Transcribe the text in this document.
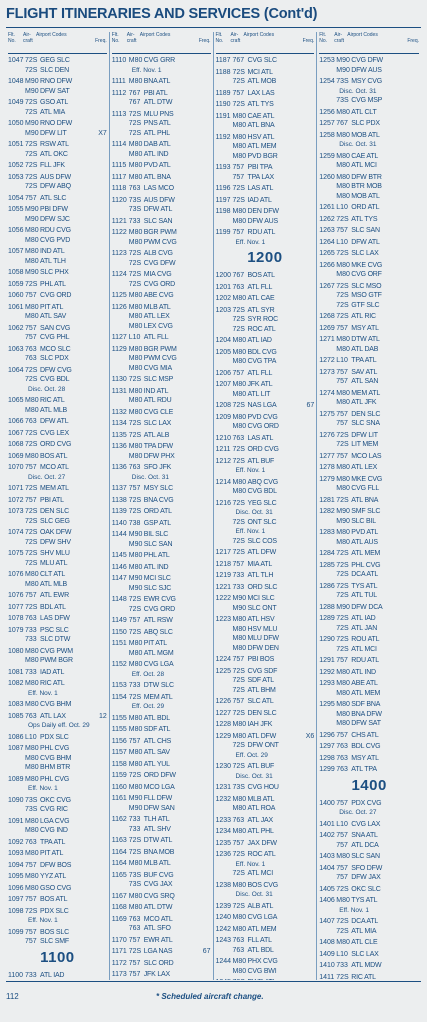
FLIGHT ITINERARIES AND SERVICES (Cont'd)
Flt. No.
Air-craft
Airport Codes
Freq.
1047 72S GEG SLC
72S SLC DEN
1048 M90 RNO DFW
M90 DFW SAT
1049 72S GSO ATL
72S ATL MIA
1050 M90 RNO DFW
M90 DFW LIT	X7
1051 72S RSW ATL
72S ATL OKC
1052 72S FLL JFK
1053 72S AUS DFW
72S DFW ABQ
1054 757 ATL SLC
1055 M90 PBI DFW
M90 DFW SJC
1056 M80 RDU CVG
M80 CVG PVD
1057 M80 IND ATL
M80 ATL TLH
1058 M90 SLC PHX
1059 72S PHL ATL
1060 757 CVG ORD
1061 M80 PIT ATL
M80 ATL SAV
1062 757 SAN CVG
757 CVG PHL
1063 763 MCO SLC
763 SLC PDX
1064 72S DFW CVG
72S CVG BDL
Disc. Oct. 28
1065 M80 RIC ATL
M80 ATL MLB
1066 763 DFW ATL
1067 72S CVG LEX
1068 72S ORD CVG
1069 M80 BOS ATL
1070 757 MCO ATL
Disc. Oct. 27
1071 72S MEM ATL
1072 757 PBI ATL
1073 72S DEN SLC
72S SLC GEG
1074 72S OAK DFW
72S DFW SHV
1075 72S SHV MLU
72S MLU ATL
1076 M80 CLT ATL
M80 ATL MLB
1076 757 ATL EWR
1077 72S BDL ATL
1078 763 LAS DFW
1079 733 PSC SLC
733 SLC DTW
1080 M80 CVG PWM
M80 PWM BGR
1081 733 IAD ATL
1082 M80 RIC ATL
Eff. Nov. 1
1083 M80 CVG BHM
1085 763 ATL LAX	12
Ops Daily eff. Oct. 29
1086 L10 PDX SLC
1087 M80 PHL CVG
M80 CVG BHM
M80 BHM BTR
1089 M80 PHL CVG
Eff. Nov. 1
1090 73S OKC CVG
73S CVG RIC
1091 M80 LGA CVG
M80 CVG IND
1092 763 TPA ATL
1093 M80 PIT ATL
1094 757 DFW BOS
1095 M80 YYZ ATL
1096 M80 GSO CVG
1097 757 BOS ATL
1098 72S PDX SLC
Eff. Nov. 1
1099 757 BOS SLC
757 SLC SMF
1100
1100 733 ATL IAD
Flt. No.
Air-craft
Airport Codes
Freq.
1110 M80 CVG GRR
Eff. Nov. 1
1111 M80 BNA ATL
1112 767 PBI ATL
767 ATL DTW
1113 72S MLU PNS
72S PNS ATL
72S ATL PHL
1114 M80 DAB ATL
M80 ATL IND
1115 M80 PVD ATL
1117 M80 ATL BNA
1118 763 LAS MCO
1120 73S AUS DFW
73S DFW ATL
1121 733 SLC SAN
1122 M80 BGR PWM
M80 PWM CVG
1123 72S ALB CVG
72S CVG DFW
1124 72S MIA CVG
72S CVG ORD
1125 M80 ABE CVG
1126 M80 MLB ATL
M80 ATL LEX
M80 LEX CVG
1127 L10 ATL FLL
1129 M80 BGR PWM
M80 PWM CVG
M80 CVG MIA
1130 72S SLC MSP
1131 M80 IND ATL
M80 ATL RDU
1132 M80 CVG CLE
1134 72S SLC LAX
1135 72S ATL ALB
1136 M80 TPA DFW
M80 DFW PHX
1136 763 SFO JFK
Disc. Oct. 31
1137 757 MSY SLC
1138 72S BNA CVG
1139 72S ORD ATL
1140 738 GSP ATL
1144 M90 BIL SLC
M90 SLC SAN
1145 M80 PHL ATL
1146 M80 ATL IND
1147 M90 MCI SLC
M90 SLC SJC
1148 72S EWR CVG
72S CVG ORD
1149 757 ATL RSW
1150 72S ABQ SLC
1151 M80 PIT ATL
M80 ATL MGM
1152 M80 CVG LGA
Eff. Oct. 28
1153 733 DTW SLC
1154 72S MEM ATL
Eff. Oct. 29
1155 M80 ATL BDL
1155 M80 SDF ATL
1156 757 ATL CHS
1157 M80 ATL SAV
1158 M80 ATL YUL
1159 72S ORD DFW
1160 M80 MCO LGA
1161 M90 FLL DFW
M90 DFW SAN
1162 733 TLH ATL
733 ATL SHV
1163 72S DTW ATL
1164 72S BNA MOB
1164 M80 MLB ATL
1165 73S BUF CVG
73S CVG JAX
1167 M80 CVG SRQ
1168 M80 ATL DTW
1169 763 MCO ATL
763 ATL SFO
1170 757 EWR ATL
1171 72S LGA NAS	67
1172 757 SLC ORD
1173 757 JFK LAX
Flt. No.
Air-craft
Airport Codes
Freq.
1187 767 CVG SLC
1188 72S MCI ATL
72S ATL MOB
1189 757 LAX LAS
1190 72S ATL TYS
1191 M80 CAE ATL
M80 ATL BNA
1192 M80 HSV ATL
M80 ATL MEM
M80 PVD BGR
1193 757 PBI TPA
757 TPA LAX
1196 72S LAS ATL
1197 72S IAD ATL
1198 M80 DEN DFW
M80 DFW AUS
1199 757 RDU ATL
Eff. Nov. 1
1200
1200 767 BOS ATL
1201 763 ATL FLL
1202 M80 ATL CAE
1203 72S ATL SYR
72S SYR ROC
72S ROC ATL
1204 M80 ATL IAD
1205 M80 BDL CVG
M80 CVG TPA
1206 757 ATL FLL
1207 M80 JFK ATL
M80 ATL LIT
1208 72S NAS LGA	67
1209 M80 PVD CVG
M80 CVG ORD
1210 763 LAS ATL
1211 72S ORD CVG
1212 72S ATL BUF
Eff. Nov. 1
1214 M80 ABQ CVG
M80 CVG BDL
1216 72S YEG SLC
Disc. Oct. 31
72S ONT SLC
Eff. Nov. 1
72S SLC COS
1217 72S ATL DFW
1218 757 MIA ATL
1219 733 ATL TLH
1221 733 ORD SLC
1222 M90 MCI SLC
M90 SLC ONT
1223 M80 ATL HSV
M80 HSV MLU
M80 MLU DFW
M80 DFW DEN
1224 757 PBI BOS
1225 72S CVG SDF
72S SDF ATL
72S ATL BHM
1226 757 SLC ATL
1227 72S DEN SLC
1228 M80 IAH JFK
1229 M80 ATL DFW	X6
72S DFW ONT
Eff. Oct. 29
1230 72S ATL BUF
Disc. Oct. 31
1231 73S CVG HOU
1232 M80 MLB ATL
M80 ATL ROA
1233 763 ATL JAX
1234 M80 ATL PHL
1235 757 JAX DFW
1236 72S ROC ATL
Eff. Nov. 1
72S ATL MCI
1238 M80 BOS CVG
Disc. Oct. 31
1239 72S ALB ATL
1240 M80 CVG LGA
1242 M80 ATL MEM
1243 763 FLL ATL
763 ATL BDL
1244 M80 PHX CVG
M80 CVG BWI
Flt. No.
Air-craft
Airport Codes
Freq.
1253 M90 CVG DFW
M90 DFW AUS
1254 73S MSY CVG
Disc. Oct. 31
73S CVG MSP
1256 M80 ATL CLT
1257 767 SLC PDX
1258 M80 MOB ATL
Disc. Oct. 31
1259 M80 CAE ATL
M80 ATL MCI
1260 M80 DFW BTR
M80 BTR MOB
M80 MOB ATL
1261 L10 ORD ATL
1262 72S ATL TYS
1263 757 SLC SAN
1264 L10 DFW ATL
1265 72S SLC LAX
1266 M80 MKE CVG
M80 CVG ORF
1267 72S SLC MSO
72S MSO GTF
72S GTF SLC
1268 72S ATL RIC
1269 757 MSY ATL
1271 M80 DTW ATL
M80 ATL DAB
1272 L10 TPA ATL
1273 757 SAV ATL
757 ATL SAN
1274 M80 MEM ATL
M80 ATL JFK
1275 757 DEN SLC
757 SLC SNA
1276 72S DFW LIT
72S LIT MEM
1277 757 MCO LAS
1278 M80 ATL LEX
1279 M80 MKE CVG
M80 CVG FLL
1281 72S ATL BNA
1282 M90 SMF SLC
M90 SLC BIL
1283 M80 PVD ATL
M80 ATL AUS
1284 72S ATL MEM
1285 72S PHL CVG
72S DCA ATL
1286 72S TYS ATL
72S ATL TUL
1288 M90 DFW DCA
1289 72S ATL IAD
72S ATL JAN
1290 72S ROU ATL
72S ATL MCI
1291 757 RDU ATL
1292 M80 ATL IND
1293 M80 ABE ATL
M80 ATL MEM
1295 M80 SDF BNA
M80 BNA DFW
M80 DFW SAT
1296 757 CHS ATL
1297 763 BDL CVG
1298 763 MSY ATL
1299 763 ATL TPA
1400
1400 757 PDX CVG
Disc. Oct. 27
1401 L10 CVG LAX
1402 757 SNA ATL
757 ATL DCA
1403 M80 SLC SAN
1404 757 SFO DFW
757 DFW JAX
1405 72S OKC SLC
1406 M80 TYS ATL
Eff. Nov. 1
1407 72S DCA ATL
72S ATL MIA
1408 M80 ATL CLE
1409 L10 SLC LAX
1410 733 ATL MDW
1411 72S RIC ATL
112	* Scheduled aircraft change.
